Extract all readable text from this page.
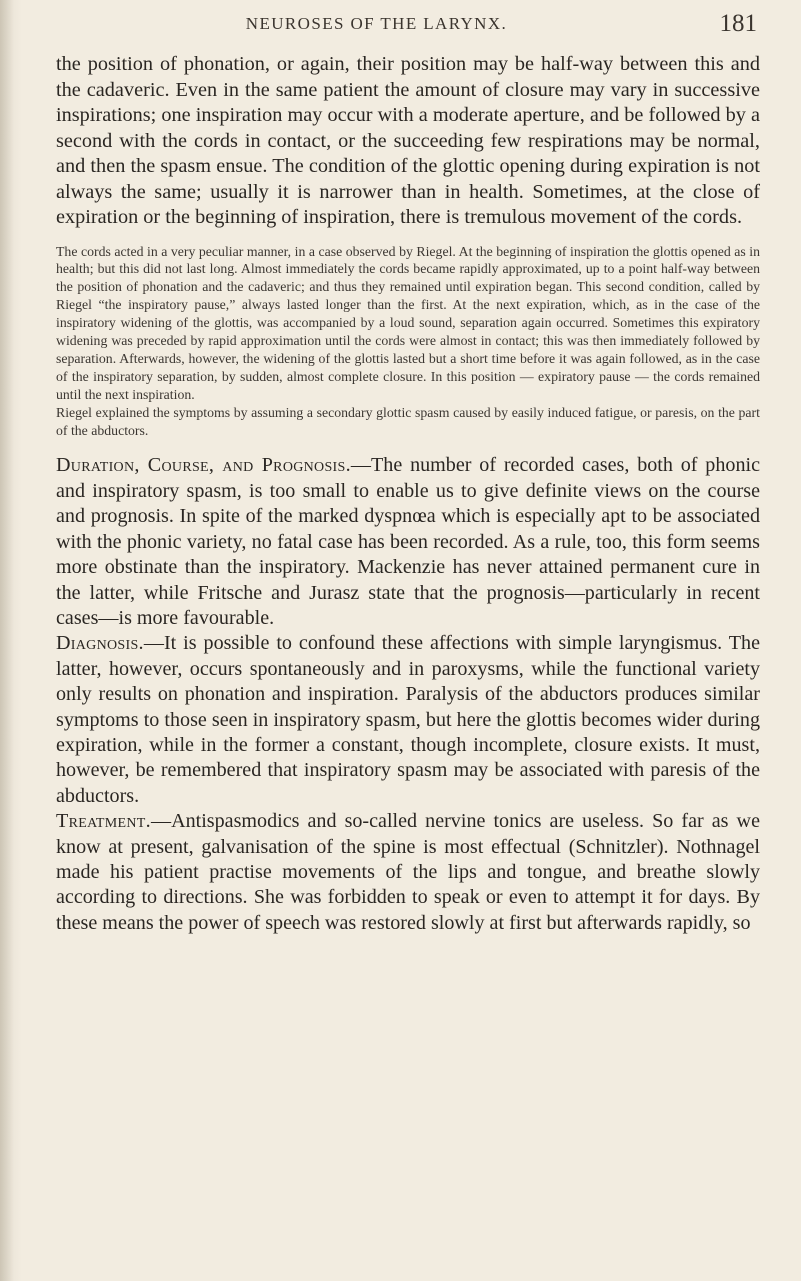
NEUROSES OF THE LARYNX.	181

the position of phonation, or again, their position may be half-way between this and the cadaveric. Even in the same patient the amount of closure may vary in successive inspirations; one inspiration may occur with a moderate aperture, and be followed by a second with the cords in contact, or the succeeding few respirations may be normal, and then the spasm ensue. The condition of the glottic opening during expiration is not always the same; usually it is narrower than in health. Sometimes, at the close of expiration or the beginning of inspiration, there is tremulous movement of the cords.

The cords acted in a very peculiar manner, in a case observed by Riegel. At the beginning of inspiration the glottis opened as in health; but this did not last long. Almost immediately the cords became rapidly approximated, up to a point half-way between the position of phonation and the cadaveric; and thus they remained until expiration began. This second condition, called by Riegel “the inspiratory pause,” always lasted longer than the first. At the next expiration, which, as in the case of the inspiratory widening of the glottis, was accompanied by a loud sound, separation again occurred. Sometimes this expiratory widening was preceded by rapid approximation until the cords were almost in contact; this was then immediately followed by separation. Afterwards, however, the widening of the glottis lasted but a short time before it was again followed, as in the case of the inspiratory separation, by sudden, almost complete closure. In this position — expiratory pause — the cords remained until the next inspiration.

Riegel explained the symptoms by assuming a secondary glottic spasm caused by easily induced fatigue, or paresis, on the part of the abductors.

Duration, Course, and Prognosis.—The number of recorded cases, both of phonic and inspiratory spasm, is too small to enable us to give definite views on the course and prognosis. In spite of the marked dyspnœa which is especially apt to be associated with the phonic variety, no fatal case has been recorded. As a rule, too, this form seems more obstinate than the inspiratory. Mackenzie has never attained permanent cure in the latter, while Fritsche and Jurasz state that the prognosis—particularly in recent cases—is more favourable.

Diagnosis.—It is possible to confound these affections with simple laryngismus. The latter, however, occurs spontaneously and in paroxysms, while the functional variety only results on phonation and inspiration. Paralysis of the abductors produces similar symptoms to those seen in inspiratory spasm, but here the glottis becomes wider during expiration, while in the former a constant, though incomplete, closure exists. It must, however, be remembered that inspiratory spasm may be associated with paresis of the abductors.

Treatment.—Antispasmodics and so-called nervine tonics are useless. So far as we know at present, galvanisation of the spine is most effectual (Schnitzler). Nothnagel made his patient practise movements of the lips and tongue, and breathe slowly according to directions. She was forbidden to speak or even to attempt it for days. By these means the power of speech was restored slowly at first but afterwards rapidly, so
